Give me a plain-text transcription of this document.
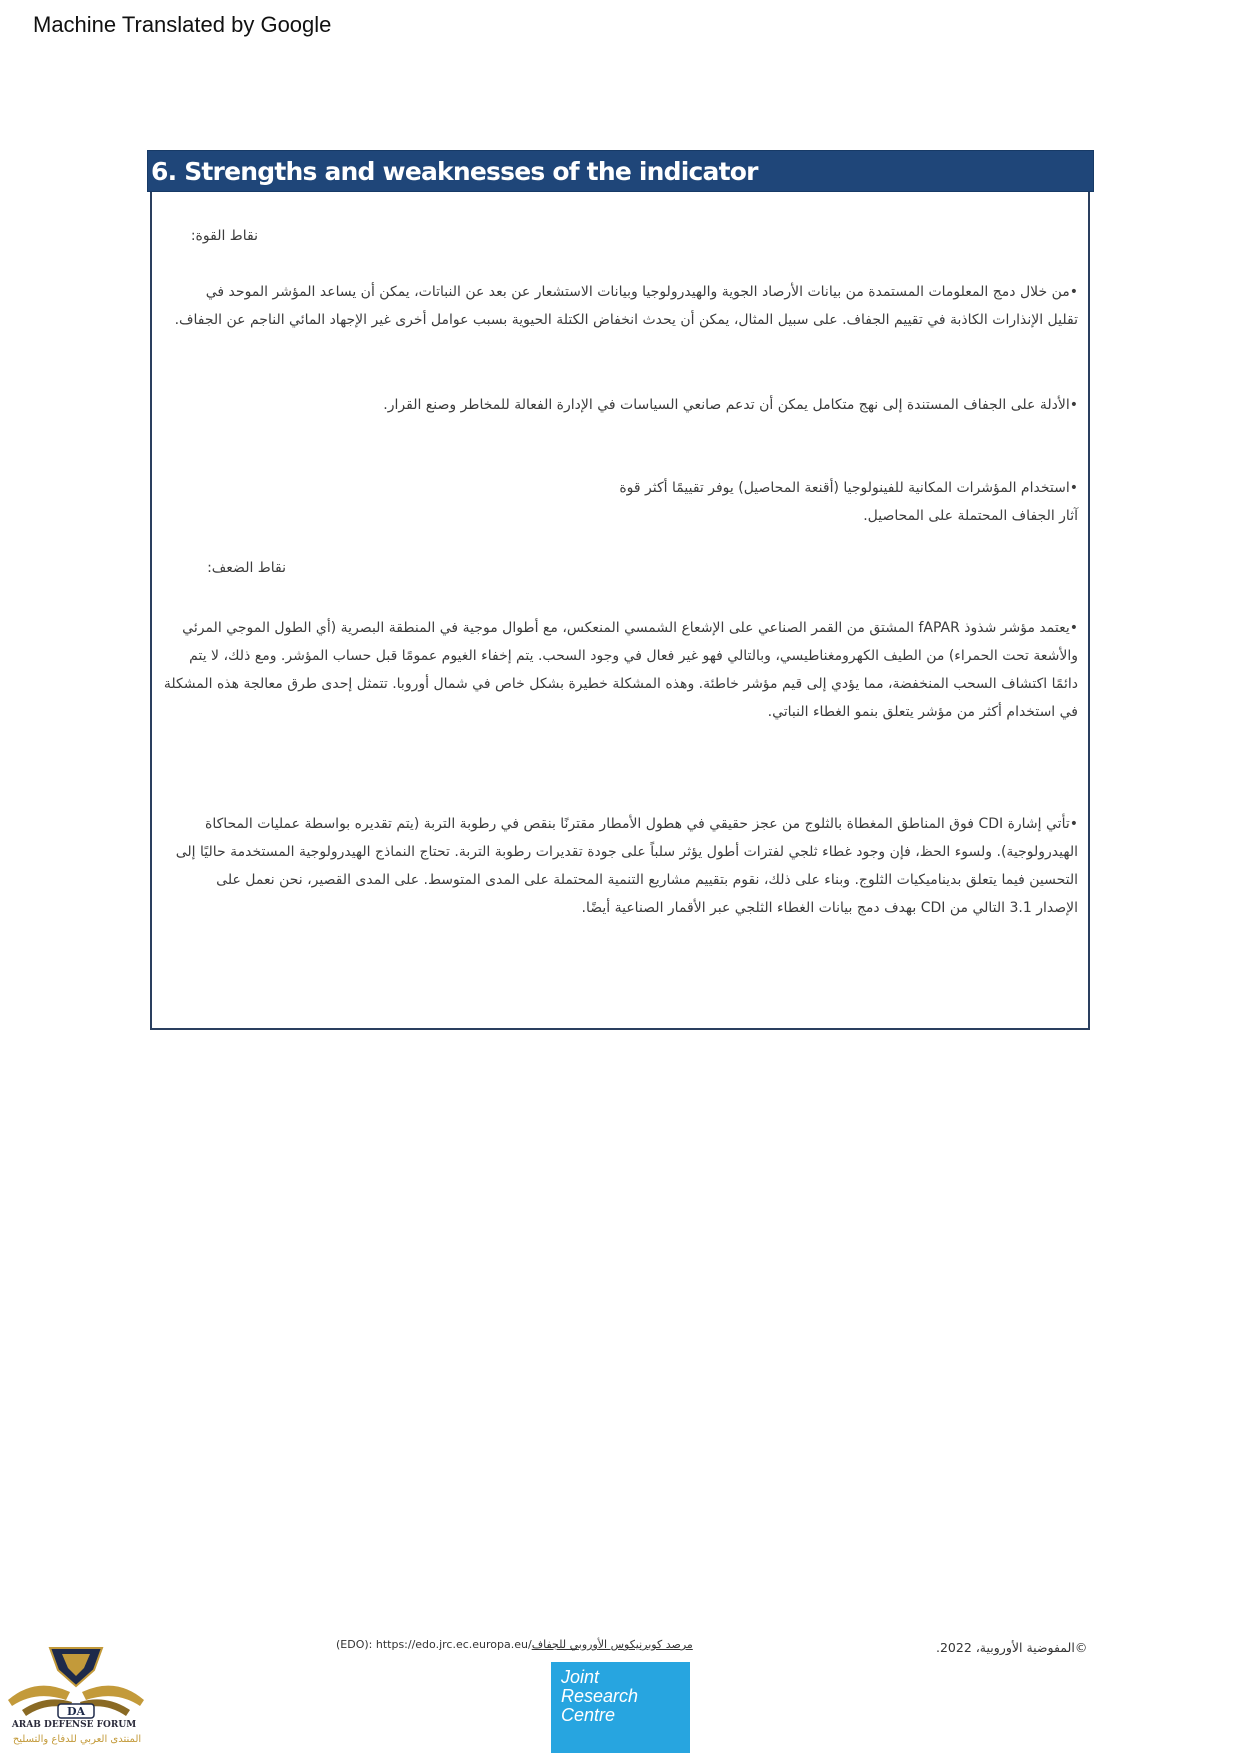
Machine Translated by Google
6. Strengths and weaknesses of the indicator
نقاط القوة:
• من خلال دمج المعلومات المستمدة من بيانات الأرصاد الجوية والهيدرولوجيا وبيانات الاستشعار عن بعد عن النباتات، يمكن أن يساعد المؤشر الموحد في
تقليل الإنذارات الكاذبة في تقييم الجفاف. على سبيل المثال، يمكن أن يحدث انخفاض الكتلة الحيوية بسبب عوامل أخرى غير الإجهاد المائي الناجم عن الجفاف.
• الأدلة على الجفاف المستندة إلى نهج متكامل يمكن أن تدعم صانعي السياسات في الإدارة الفعالة للمخاطر وصنع القرار.
• استخدام المؤشرات المكانية للفينولوجيا (أقنعة المحاصيل) يوفر تقييمًا أكثر قوة
آثار الجفاف المحتملة على المحاصيل.
نقاط الضعف:
• يعتمد مؤشر شذوذ fAPAR المشتق من القمر الصناعي على الإشعاع الشمسي المنعكس، مع أطوال موجية في المنطقة البصرية (أي الطول الموجي المرئي
والأشعة تحت الحمراء) من الطيف الكهرومغناطيسي، وبالتالي فهو غير فعال في وجود السحب. يتم إخفاء الغيوم عمومًا قبل حساب المؤشر. ومع ذلك، لا يتم
دائمًا اكتشاف السحب المنخفضة، مما يؤدي إلى قيم مؤشر خاطئة. وهذه المشكلة خطيرة بشكل خاص في شمال أوروبا. تتمثل إحدى طرق معالجة هذه المشكلة
في استخدام أكثر من مؤشر يتعلق بنمو الغطاء النباتي.
• تأتي إشارة CDI فوق المناطق المغطاة بالثلوج من عجز حقيقي في هطول الأمطار مقترنًا بنقص في رطوبة التربة (يتم تقديره بواسطة عمليات المحاكاة
الهيدرولوجية). ولسوء الحظ، فإن وجود غطاء ثلجي لفترات أطول يؤثر سلباً على جودة تقديرات رطوبة التربة. تحتاج النماذج الهيدرولوجية المستخدمة حاليًا إلى
التحسين فيما يتعلق بديناميكيات الثلوج. وبناء على ذلك، نقوم بتقييم مشاريع التنمية المحتملة على المدى المتوسط. على المدى القصير، نحن نعمل على
الإصدار 3.1 التالي من CDI بهدف دمج بيانات الغطاء الثلجي عبر الأقمار الصناعية أيضًا.
©المفوضية الأوروبية، 2022.
(EDO): https://edo.jrc.ec.europa.eu/مرصد كوبرنيكوس الأوروبي للجفاف
Joint
Research
Centre
DA
ARAB DEFENSE FORUM
المنتدى العربي للدفاع والتسليح
